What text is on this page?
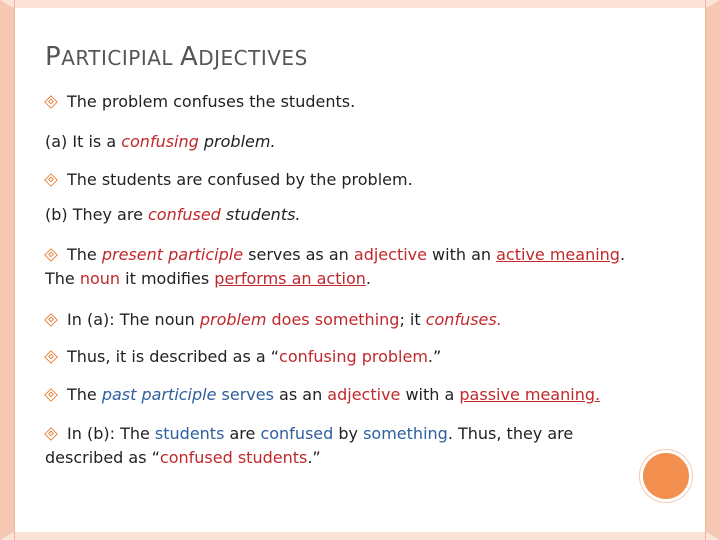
PARTICIPIAL ADJECTIVES
The problem confuses the students.
(a) It is a confusing problem.
The students are confused by the problem.
(b) They are confused students.
The present participle serves as an adjective with an active meaning. The noun it modifies performs an action.
In (a): The noun problem does something; it confuses.
Thus, it is described as a “confusing problem.”
The past participle serves as an adjective with a passive meaning.
In (b): The students are confused by something. Thus, they are described as “confused students.”
